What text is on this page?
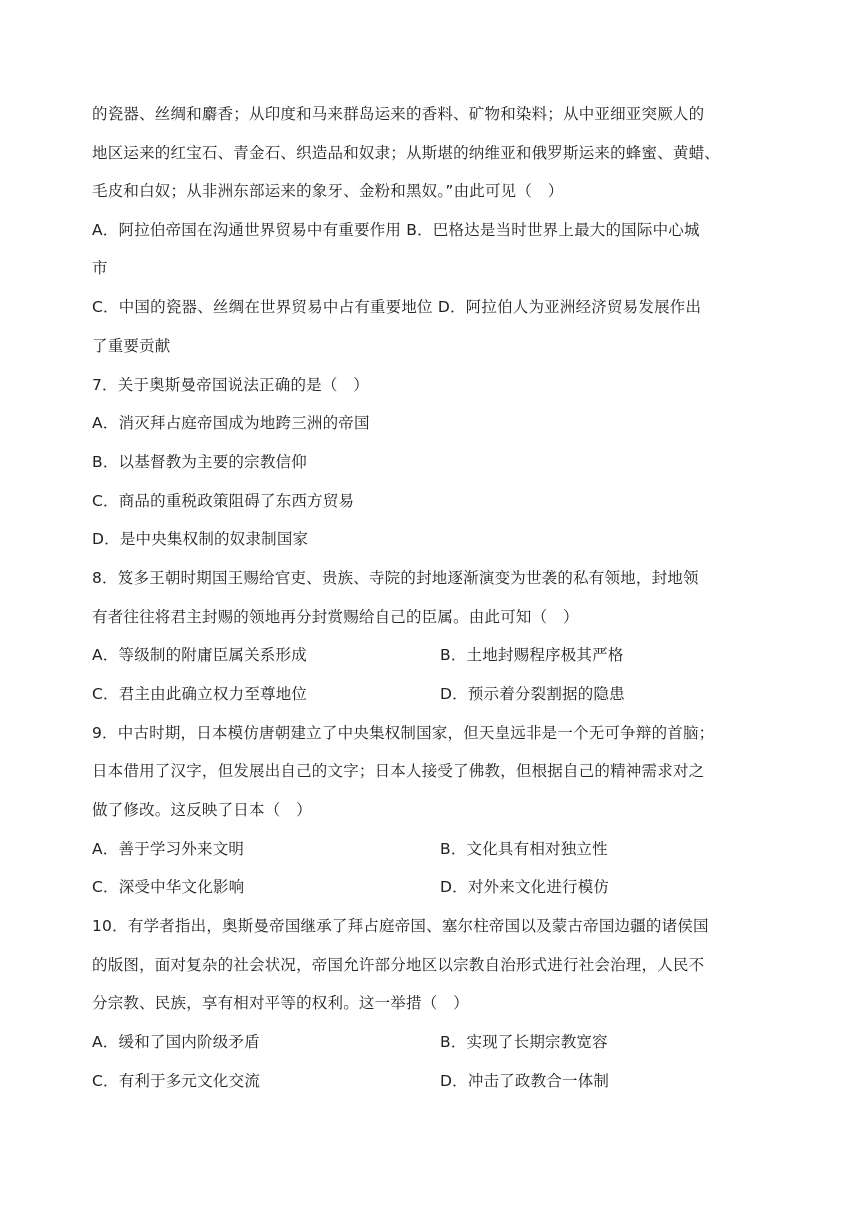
的瓷器、丝绸和麝香；从印度和马来群岛运来的香料、矿物和染料；从中亚细亚突厥人的
地区运来的红宝石、青金石、织造品和奴隶；从斯堪的纳维亚和俄罗斯运来的蜂蜜、黄蜡、
毛皮和白奴；从非洲东部运来的象牙、金粉和黑奴。”由此可见（　）
A．阿拉伯帝国在沟通世界贸易中有重要作用 B．巴格达是当时世界上最大的国际中心城
市
C．中国的瓷器、丝绸在世界贸易中占有重要地位 D．阿拉伯人为亚洲经济贸易发展作出
了重要贡献
7．关于奥斯曼帝国说法正确的是（　）
A．消灭拜占庭帝国成为地跨三洲的帝国
B．以基督教为主要的宗教信仰
C．商品的重税政策阻碍了东西方贸易
D．是中央集权制的奴隶制国家
8．笈多王朝时期国王赐给官吏、贵族、寺院的封地逐渐演变为世袭的私有领地，封地领
有者往往将君主封赐的领地再分封赏赐给自己的臣属。由此可知（　）
A．等级制的附庸臣属关系形成	B．土地封赐程序极其严格
C．君主由此确立权力至尊地位	D．预示着分裂割据的隐患
9．中古时期，日本模仿唐朝建立了中央集权制国家，但天皇远非是一个无可争辩的首脑；
日本借用了汉字，但发展出自己的文字；日本人接受了佛教，但根据自己的精神需求对之
做了修改。这反映了日本（　）
A．善于学习外来文明	B．文化具有相对独立性
C．深受中华文化影响	D．对外来文化进行模仿
10．有学者指出，奥斯曼帝国继承了拜占庭帝国、塞尔柱帝国以及蒙古帝国边疆的诸侯国
的版图，面对复杂的社会状况，帝国允许部分地区以宗教自治形式进行社会治理，人民不
分宗教、民族，享有相对平等的权利。这一举措（　）
A．缓和了国内阶级矛盾	B．实现了长期宗教宽容
C．有利于多元文化交流	D．冲击了政教合一体制
